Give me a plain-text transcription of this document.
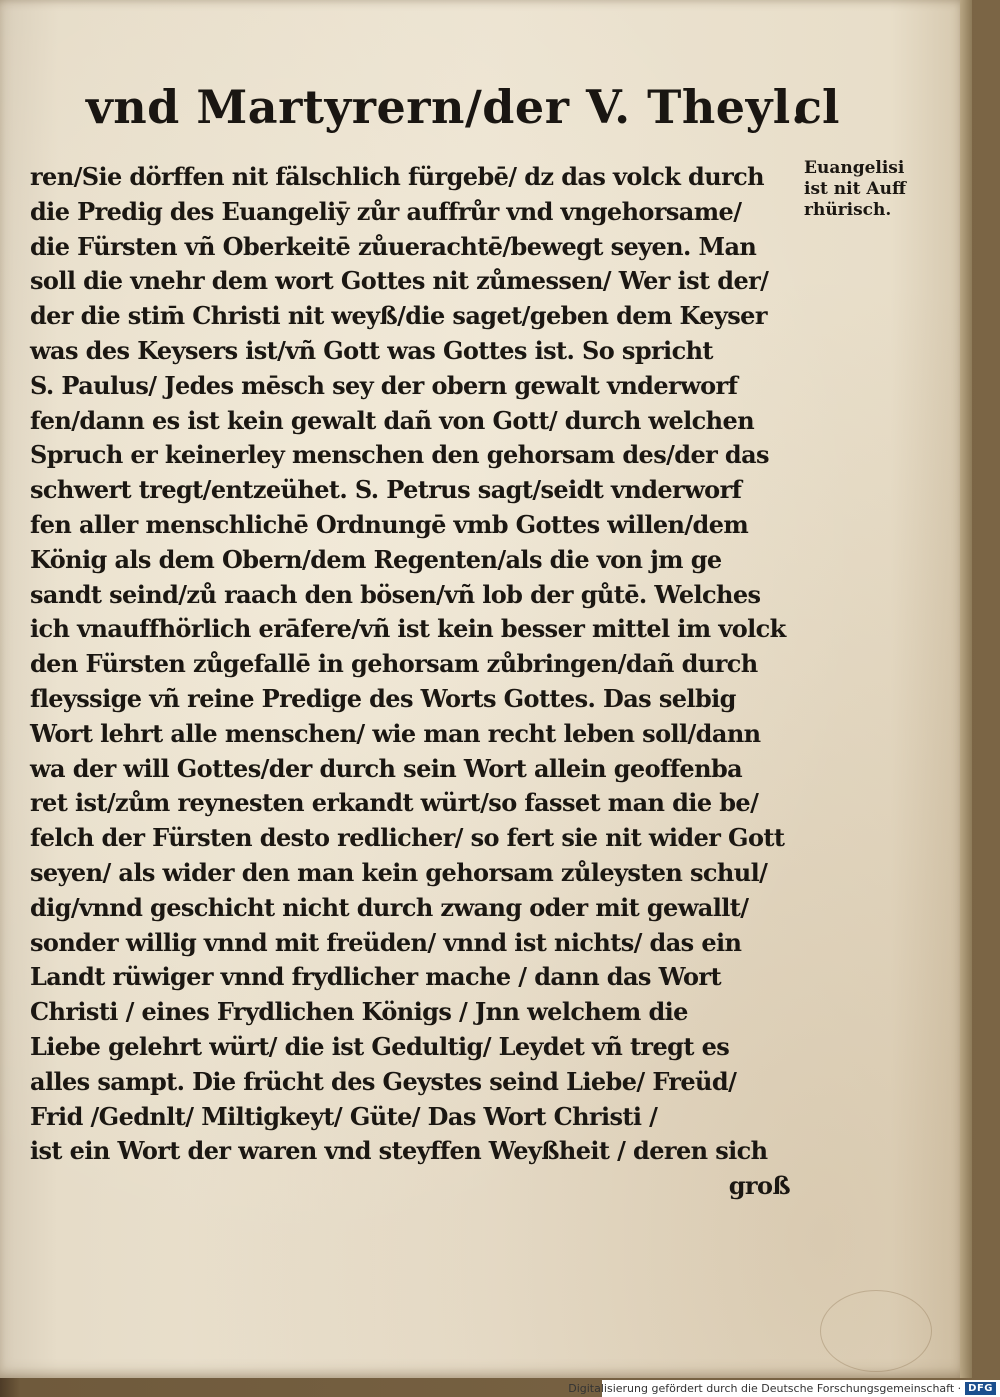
vnd Martyrern/der V. Theyl.
cl
Euangelisi
ist nit Auff
rhürisch.
ren/Sie dörffen nit fälschlich fürgebē/ dz das volck durch
die Predig des Euangeliȳ zůr auffrůr vnd vngehorsame/
die Fürsten vñ Oberkeitē zůuerachtē/bewegt seyen. Man
soll die vnehr dem wort Gottes nit zůmessen/ Wer ist der/
der die stim̄ Christi nit weyß/die saget/geben dem Keyser
was des Keysers ist/vñ Gott was Gottes ist. So spricht
S. Paulus/ Jedes mēsch sey der obern gewalt vnderworf
fen/dann es ist kein gewalt dañ von Gott/ durch welchen
Spruch er keinerley menschen den gehorsam des/der das
schwert tregt/entzeühet. S. Petrus sagt/seidt vnderworf
fen aller menschlichē Ordnungē vmb Gottes willen/dem
König als dem Obern/dem Regenten/als die von jm ge
sandt seind/zů raach den bösen/vñ lob der gůtē. Welches
ich vnauffhörlich erāfere/vñ ist kein besser mittel im volck
den Fürsten zůgefallē in gehorsam zůbringen/dañ durch
fleyssige vñ reine Predige des Worts Gottes. Das selbig
Wort lehrt alle menschen/ wie man recht leben soll/dann
wa der will Gottes/der durch sein Wort allein geoffenba
ret ist/zům reynesten erkandt würt/so fasset man die be/
felch der Fürsten desto redlicher/ so fert sie nit wider Gott
seyen/ als wider den man kein gehorsam zůleysten schul/
dig/vnnd geschicht nicht durch zwang oder mit gewallt/
sonder willig vnnd mit freüden/ vnnd ist nichts/ das ein
Landt rüwiger vnnd frydlicher mache / dann das Wort
Christi / eines Frydlichen Königs / Jnn welchem die
Liebe gelehrt würt/ die ist Gedultig/ Leydet vñ tregt es
alles sampt. Die frücht des Geystes seind Liebe/ Freüd/
Frid /Gednlt/ Miltigkeyt/ Güte/ Das Wort Christi /
ist ein Wort der waren vnd steyffen Weyßheit / deren sich
groß
Digitalisierung gefördert durch die Deutsche Forschungsgemeinschaft · DFG
